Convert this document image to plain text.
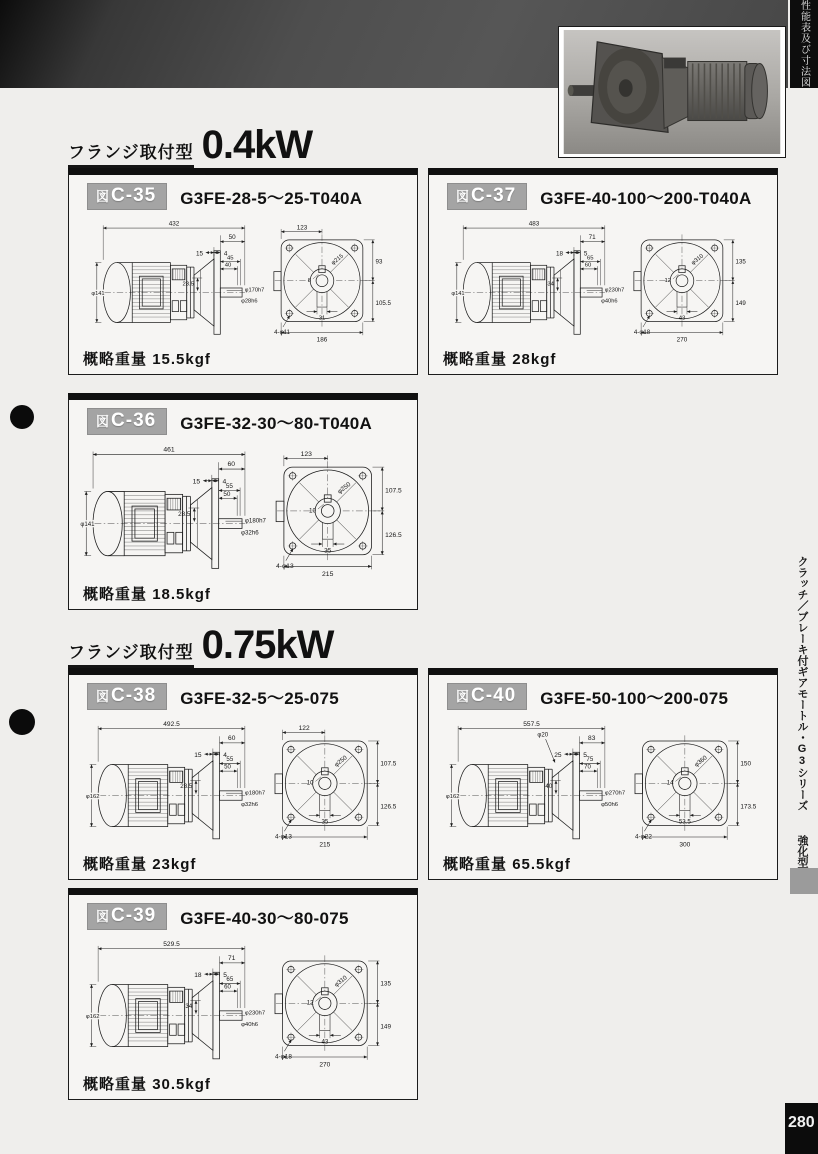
性能表及び寸法図
フランジ取付型 0.4kW
フランジ取付型 0.75kW
図 C-35 G3FE-28-5～25-T040A
432
50
15	4
45
40
23.5
φ141
φ170h7
φ28h6
123
93
105.5
8
31
φ215
4-φ11
186
概略重量 15.5kgf
図 C-37 G3FE-40-100～200-T040A
483
71
18	5
65
60
34
φ141
φ230h7
φ40h6
135
149
12
43
φ310
4-φ18
270
概略重量 28kgf
図 C-36 G3FE-32-30～80-T040A
461
60
15	4
55
50
28.5
φ141	φ180h7
φ32h6
123
107.5
126.5
10
35
φ250
4-φ13
215
概略重量 18.5kgf
図 C-38 G3FE-32-5～25-075
492.5
60
15	4
55
50
28.5
φ162
φ180h7
φ32h6
122
107.5
126.5
10
35
φ250
4-φ13
215
概略重量 23kgf
図 C-40 G3FE-50-100～200-075
557.5
83
25	5
75
70
40
φ162
φ270h7
φ50h6
φ20
150
173.5
14
53.5
φ360
4-φ22
300
概略重量 65.5kgf
図 C-39 G3FE-40-30～80-075
529.5
71
18	5
65
60
34
φ162
φ230h7
φ40h6
135
149
12
43
φ310
4-φ18
270
概略重量 30.5kgf
クラッチ／ブレーキ付ギアモートル・G3シリーズ 強化型
280
